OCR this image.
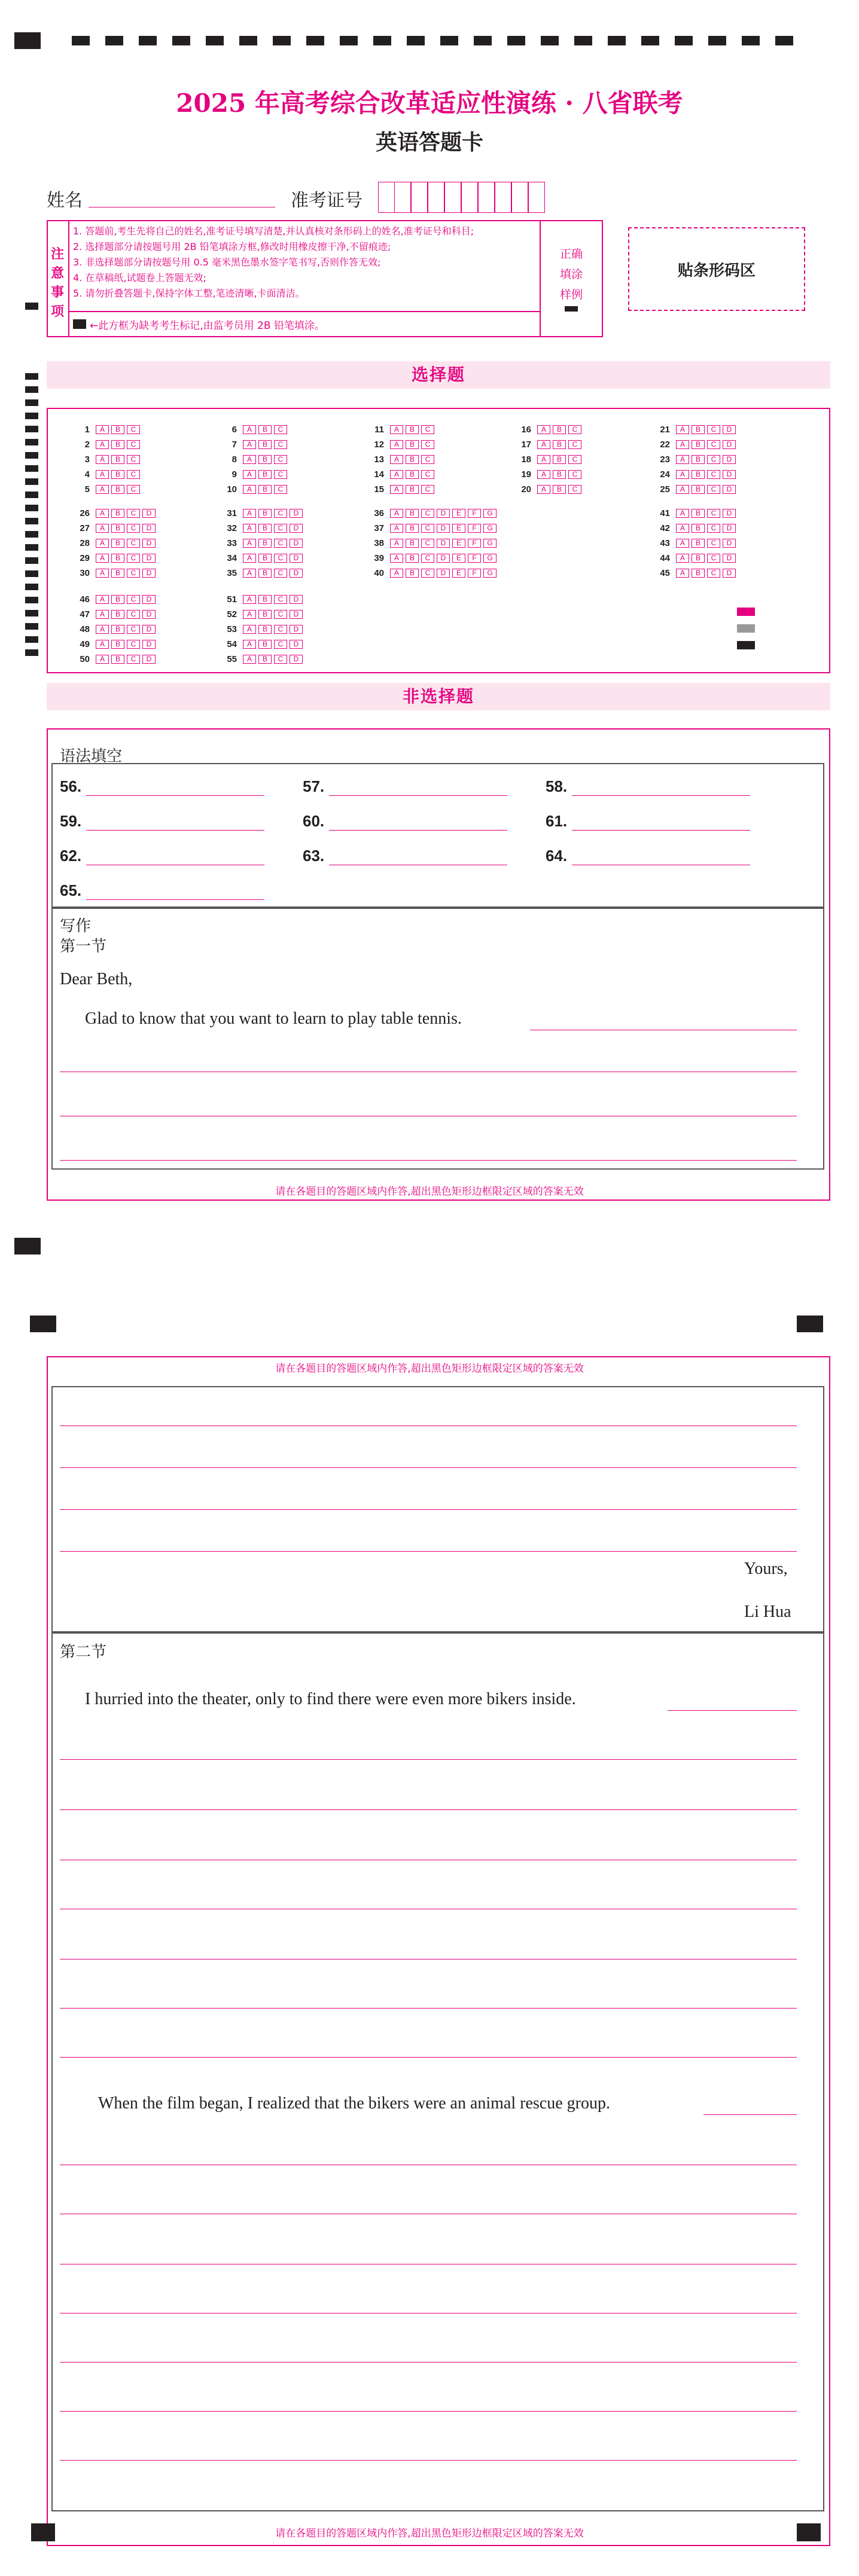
2025 年高考综合改革适应性演练 · 八省联考
英语答题卡
姓名	准考证号
注意事项
1. 答题前,考生先将自己的姓名,准考证号填写清楚,并认真核对条形码上的姓名,准考证号和科目;
2. 选择题部分请按题号用 2B 铅笔填涂方框,修改时用橡皮擦干净,不留痕迹;
3. 非选择题部分请按题号用 0.5 毫米黑色墨水签字笔书写,否则作答无效;
4. 在草稿纸,试题卷上答题无效;
5. 请勿折叠答题卡,保持字体工整,笔迹清晰,卡面清洁。
←此方框为缺考考生标记,由监考员用 2B 铅笔填涂。
正确填涂样例
贴条形码区
选择题
1	A	B	C
2	A	B	C
3	A	B	C
4	A	B	C
5	A	B	C
6	A	B	C
7	A	B	C
8	A	B	C
9	A	B	C
10	A	B	C
11	A	B	C
12	A	B	C
13	A	B	C
14	A	B	C
15	A	B	C
16	A	B	C
17	A	B	C
18	A	B	C
19	A	B	C
20	A	B	C
21	A	B	C	D
22	A	B	C	D
23	A	B	C	D
24	A	B	C	D
25	A	B	C	D
26	A	B	C	D
27	A	B	C	D
28	A	B	C	D
29	A	B	C	D
30	A	B	C	D
31	A	B	C	D
32	A	B	C	D
33	A	B	C	D
34	A	B	C	D
35	A	B	C	D
36	A	B	C	D	E	F	G
37	A	B	C	D	E	F	G
38	A	B	C	D	E	F	G
39	A	B	C	D	E	F	G
40	A	B	C	D	E	F	G
41	A	B	C	D
42	A	B	C	D
43	A	B	C	D
44	A	B	C	D
45	A	B	C	D
46	A	B	C	D
47	A	B	C	D
48	A	B	C	D
49	A	B	C	D
50	A	B	C	D
51	A	B	C	D
52	A	B	C	D
53	A	B	C	D
54	A	B	C	D
55	A	B	C	D
非选择题
语法填空
56.	57.	58.
59.	60.	61.
62.	63.	64.
65.
写作
第一节
Dear Beth,
Glad to know that you want to learn to play table tennis.
请在各题目的答题区域内作答,超出黑色矩形边框限定区域的答案无效
请在各题目的答题区域内作答,超出黑色矩形边框限定区域的答案无效
Yours,
Li Hua
第二节
I hurried into the theater, only to find there were even more bikers inside.
When the film began, I realized that the bikers were an animal rescue group.
请在各题目的答题区域内作答,超出黑色矩形边框限定区域的答案无效
